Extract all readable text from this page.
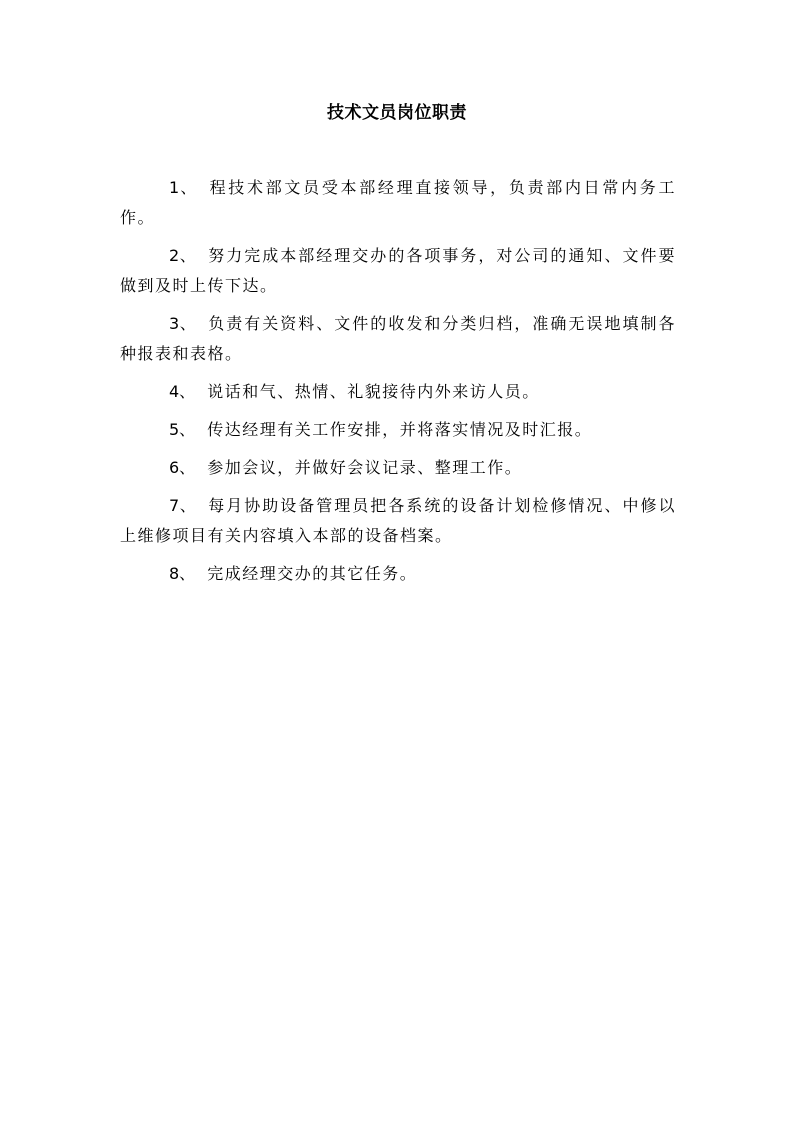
技术文员岗位职责

1、 程技术部文员受本部经理直接领导，负责部内日常内务工作。

2、 努力完成本部经理交办的各项事务，对公司的通知、文件要做到及时上传下达。

3、 负责有关资料、文件的收发和分类归档，准确无误地填制各种报表和表格。

4、 说话和气、热情、礼貌接待内外来访人员。

5、 传达经理有关工作安排，并将落实情况及时汇报。

6、 参加会议，并做好会议记录、整理工作。

7、 每月协助设备管理员把各系统的设备计划检修情况、中修以上维修项目有关内容填入本部的设备档案。

8、 完成经理交办的其它任务。
